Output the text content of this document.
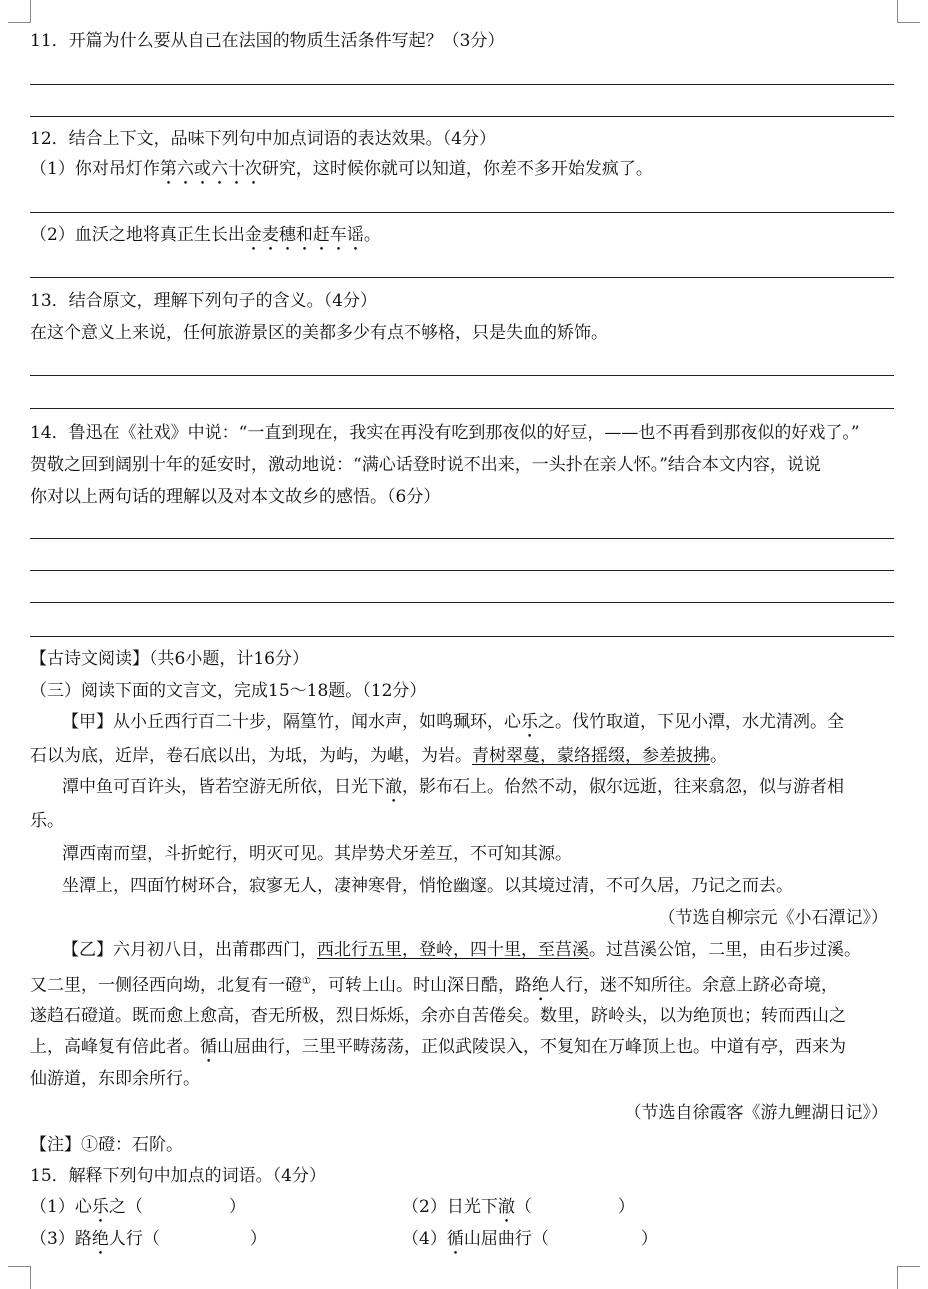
11．开篇为什么要从自己在法国的物质生活条件写起？（3分）
12．结合上下文，品味下列句中加点词语的表达效果。（4分）
（1）你对吊灯作第六或六十次研究，这时候你就可以知道，你差不多开始发疯了。
（2）血沃之地将真正生长出金麦穗和赶车谣。
13．结合原文，理解下列句子的含义。（4分）
在这个意义上来说，任何旅游景区的美都多少有点不够格，只是失血的矫饰。
14．鲁迅在《社戏》中说：“一直到现在，我实在再没有吃到那夜似的好豆，——也不再看到那夜似的好戏了。”
贺敬之回到阔别十年的延安时，激动地说：“满心话登时说不出来，一头扑在亲人怀。”结合本文内容，说说
你对以上两句话的理解以及对本文故乡的感悟。（6分）
【古诗文阅读】（共6小题，计16分）
（三）阅读下面的文言文，完成15～18题。（12分）
【甲】从小丘西行百二十步，隔篁竹，闻水声，如鸣珮环，心乐之。伐竹取道，下见小潭，水尤清冽。全
石以为底，近岸，卷石底以出，为坻，为屿，为嵁，为岩。青树翠蔓，蒙络摇缀，参差披拂。
潭中鱼可百许头，皆若空游无所依，日光下澈，影布石上。佁然不动，俶尔远逝，往来翕忽，似与游者相
乐。
潭西南而望，斗折蛇行，明灭可见。其岸势犬牙差互，不可知其源。
坐潭上，四面竹树环合，寂寥无人，凄神寒骨，悄怆幽邃。以其境过清，不可久居，乃记之而去。
（节选自柳宗元《小石潭记》）
【乙】六月初八日，出莆郡西门，西北行五里，登岭，四十里，至莒溪。过莒溪公馆，二里，由石步过溪。
又二里，一侧径西向坳，北复有一磴①，可转上山。时山深日酷，路绝人行，迷不知所往。余意上跻必奇境，
遂趋石磴道。既而愈上愈高，杳无所极，烈日烁烁，余亦自苦倦矣。数里，跻岭头，以为绝顶也；转而西山之
上，高峰复有倍此者。循山屈曲行，三里平畴荡荡，正似武陵误入，不复知在万峰顶上也。中道有亭，西来为
仙游道，东即余所行。
（节选自徐霞客《游九鲤湖日记》）
【注】①磴：石阶。
15．解释下列句中加点的词语。（4分）
（1）心乐之（	）	（2）日光下澈（	）
（3）路绝人行（	）	（4）循山屈曲行（	）
